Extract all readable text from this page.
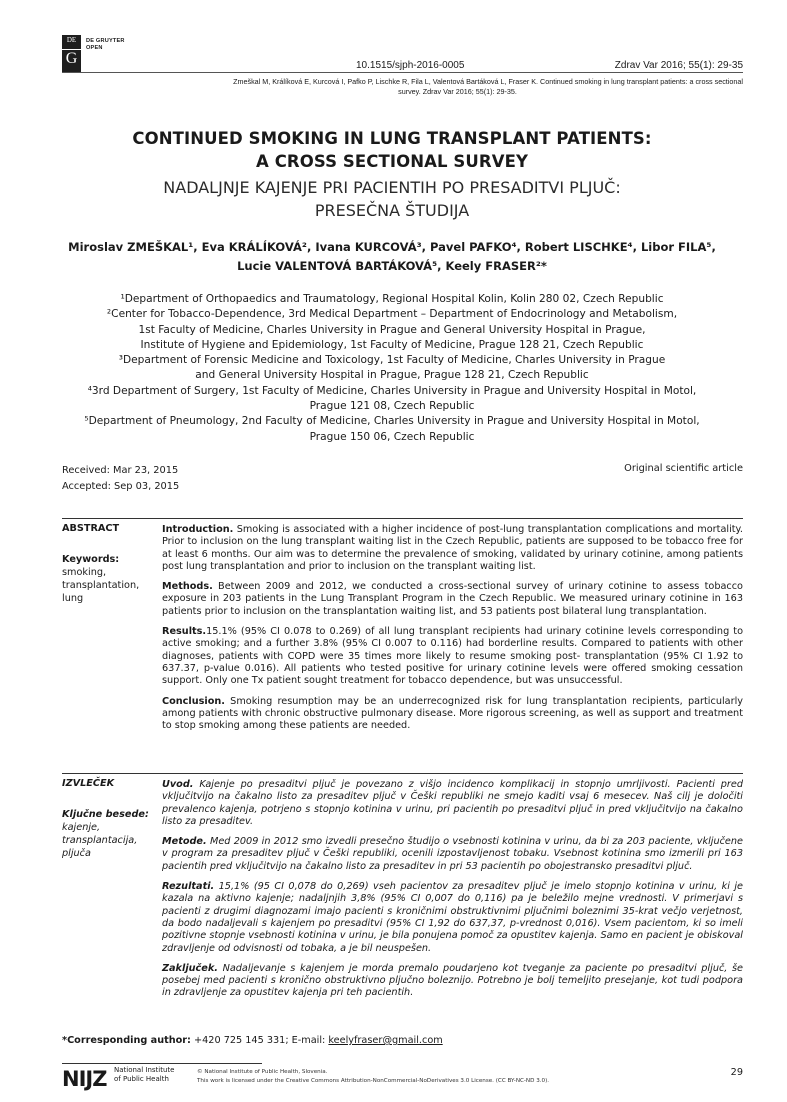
DE
G
DE GRUYTER
OPEN
10.1515/sjph-2016-0005	Zdrav Var 2016; 55(1): 29-35
Zmeškal M, Králíková E, Kurcová I, Pafko P, Lischke R, Fila L, Valentová Bartáková L, Fraser K. Continued smoking in lung transplant patients: a cross sectional
survey. Zdrav Var 2016; 55(1): 29-35.
CONTINUED SMOKING IN LUNG TRANSPLANT PATIENTS:
A CROSS SECTIONAL SURVEY
NADALJNJE KAJENJE PRI PACIENTIH PO PRESADITVI PLJUČ:
PRESEČNA ŠTUDIJA
Miroslav ZMEŠKAL¹, Eva KRÁLÍKOVÁ², Ivana KURCOVÁ³, Pavel PAFKO⁴, Robert LISCHKE⁴, Libor FILA⁵,
Lucie VALENTOVÁ BARTÁKOVÁ⁵, Keely FRASER²*
¹Department of Orthopaedics and Traumatology, Regional Hospital Kolin, Kolin 280 02, Czech Republic
²Center for Tobacco-Dependence, 3rd Medical Department – Department of Endocrinology and Metabolism,
1st Faculty of Medicine, Charles University in Prague and General University Hospital in Prague,
Institute of Hygiene and Epidemiology, 1st Faculty of Medicine, Prague 128 21, Czech Republic
³Department of Forensic Medicine and Toxicology, 1st Faculty of Medicine, Charles University in Prague
and General University Hospital in Prague, Prague 128 21, Czech Republic
⁴3rd Department of Surgery, 1st Faculty of Medicine, Charles University in Prague and University Hospital in Motol,
Prague 121 08, Czech Republic
⁵Department of Pneumology, 2nd Faculty of Medicine, Charles University in Prague and University Hospital in Motol,
Prague 150 06, Czech Republic
Received: Mar 23, 2015
Accepted: Sep 03, 2015
Original scientific article
ABSTRACT
Keywords:
smoking, transplantation, lung

Introduction. Smoking is associated with a higher incidence of post-lung transplantation complications and mortality. Prior to inclusion on the lung transplant waiting list in the Czech Republic, patients are supposed to be tobacco free for at least 6 months. Our aim was to determine the prevalence of smoking, validated by urinary cotinine, among patients post lung transplantation and prior to inclusion on the transplant waiting list.

Methods. Between 2009 and 2012, we conducted a cross-sectional survey of urinary cotinine to assess tobacco exposure in 203 patients in the Lung Transplant Program in the Czech Republic. We measured urinary cotinine in 163 patients prior to inclusion on the transplantation waiting list, and 53 patients post bilateral lung transplantation.

Results.15.1% (95% CI 0.078 to 0.269) of all lung transplant recipients had urinary cotinine levels corresponding to active smoking; and a further 3.8% (95% CI 0.007 to 0.116) had borderline results. Compared to patients with other diagnoses, patients with COPD were 35 times more likely to resume smoking post- transplantation (95% CI 1.92 to 637.37, p-value 0.016). All patients who tested positive for urinary cotinine levels were offered smoking cessation support. Only one Tx patient sought treatment for tobacco dependence, but was unsuccessful.

Conclusion. Smoking resumption may be an underrecognized risk for lung transplantation recipients, particularly among patients with chronic obstructive pulmonary disease. More rigorous screening, as well as support and treatment to stop smoking among these patients are needed.

IZVLEČEK
Ključne besede:
kajenje, transplantacija, pljuča

Uvod. Kajenje po presaditvi pljuč je povezano z višjo incidenco komplikacij in stopnjo umrljivosti. Pacienti pred vključitvijo na čakalno listo za presaditev pljuč v Češki republiki ne smejo kaditi vsaj 6 mesecev. Naš cilj je določiti prevalenco kajenja, potrjeno s stopnjo kotinina v urinu, pri pacientih po presaditvi pljuč in pred vključitvijo na čakalno listo za presaditev.

Metode. Med 2009 in 2012 smo izvedli presečno študijo o vsebnosti kotinina v urinu, da bi za 203 paciente, vključene v program za presaditev pljuč v Češki republiki, ocenili izpostavljenost tobaku. Vsebnost kotinina smo izmerili pri 163 pacientih pred vključitvijo na čakalno listo za presaditev in pri 53 pacientih po obojestransko presaditvi pljuč.

Rezultati. 15,1% (95 CI 0,078 do 0,269) vseh pacientov za presaditev pljuč je imelo stopnjo kotinina v urinu, ki je kazala na aktivno kajenje; nadaljnjih 3,8% (95% CI 0,007 do 0,116) pa je beležilo mejne vrednosti. V primerjavi s pacienti z drugimi diagnozami imajo pacienti s kroničnimi obstruktivnimi pljučnimi boleznimi 35-krat večjo verjetnost, da bodo nadaljevali s kajenjem po presaditvi (95% CI 1,92 do 637,37, p-vrednost 0,016). Vsem pacientom, ki so imeli pozitivne stopnje vsebnosti kotinina v urinu, je bila ponujena pomoč za opustitev kajenja. Samo en pacient je obiskoval zdravljenje od odvisnosti od tobaka, a je bil neuspešen.

Zaključek. Nadaljevanje s kajenjem je morda premalo poudarjeno kot tveganje za paciente po presaditvi pljuč, še posebej med pacienti s kronično obstruktivno pljučno boleznijo. Potrebno je bolj temeljito presejanje, kot tudi podpora in zdravljenje za opustitev kajenja pri teh pacientih.

*Corresponding author: +420 725 145 331; E-mail: keelyfraser@gmail.com
NIJZ National Institute
of Public Health
© National Institute of Public Health, Slovenia.
This work is licensed under the Creative Commons Attribution-NonCommercial-NoDerivatives 3.0 License. (CC BY-NC-ND 3.0).
29
